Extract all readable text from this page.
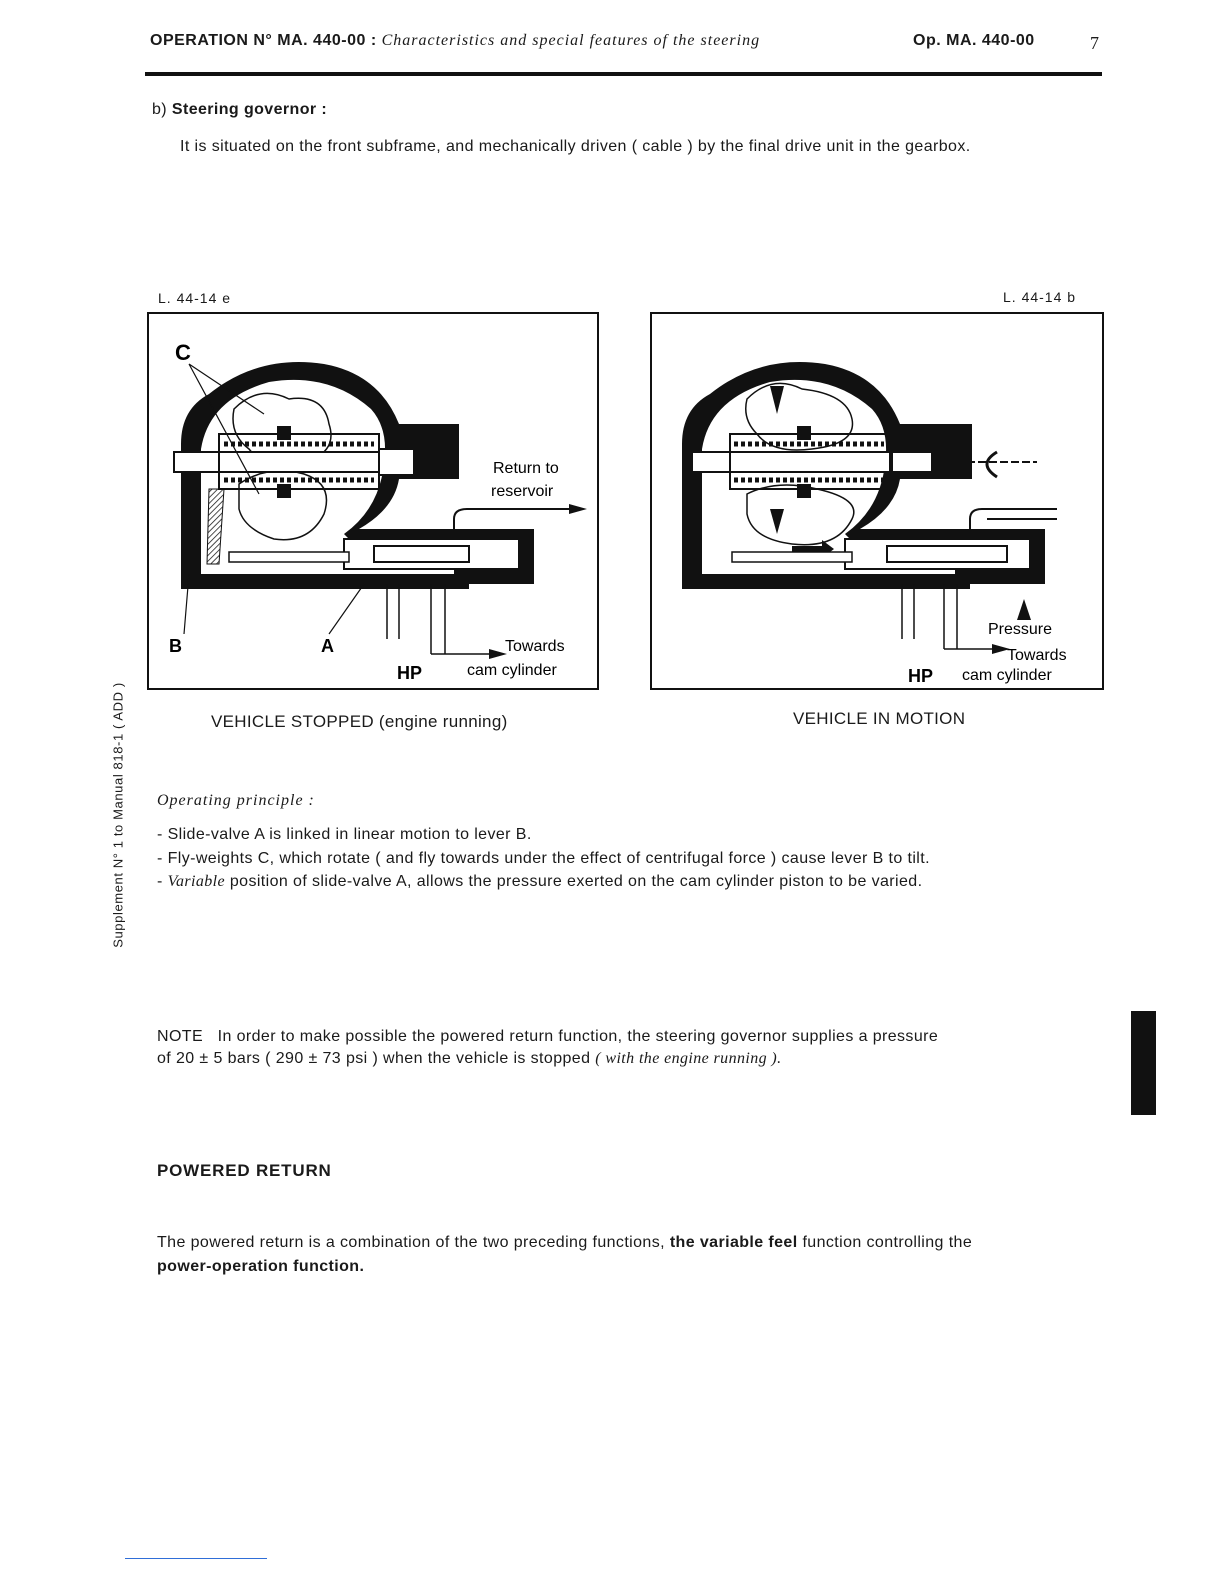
OPERATION N° MA. 440-00 : Characteristics and special features of the steering	Op. MA. 440-00	7
b) Steering governor :
It is situated on the front subframe, and mechanically driven ( cable ) by the final drive unit in the gearbox.
L. 44-14 e	L. 44-14 b
C
B	A
HP
Return to
reservoir
Towards
cam cylinder
Pressure
Towards
cam cylinder
HP
VEHICLE STOPPED (engine running)	VEHICLE IN MOTION
Operating principle :
- Slide-valve A is linked in linear motion to lever B.
- Fly-weights C, which rotate ( and fly towards under the effect of centrifugal force ) cause lever B to tilt.
- Variable position of slide-valve A, allows the pressure exerted on the cam cylinder piston to be varied.
NOTE In order to make possible the powered return function, the steering governor supplies a pressure
of 20 ± 5 bars ( 290 ± 73 psi ) when the vehicle is stopped ( with the engine running ).
POWERED RETURN
The powered return is a combination of the two preceding functions, the variable feel function controlling the
power-operation function.
Supplement N° 1 to Manual 818-1 ( ADD )
